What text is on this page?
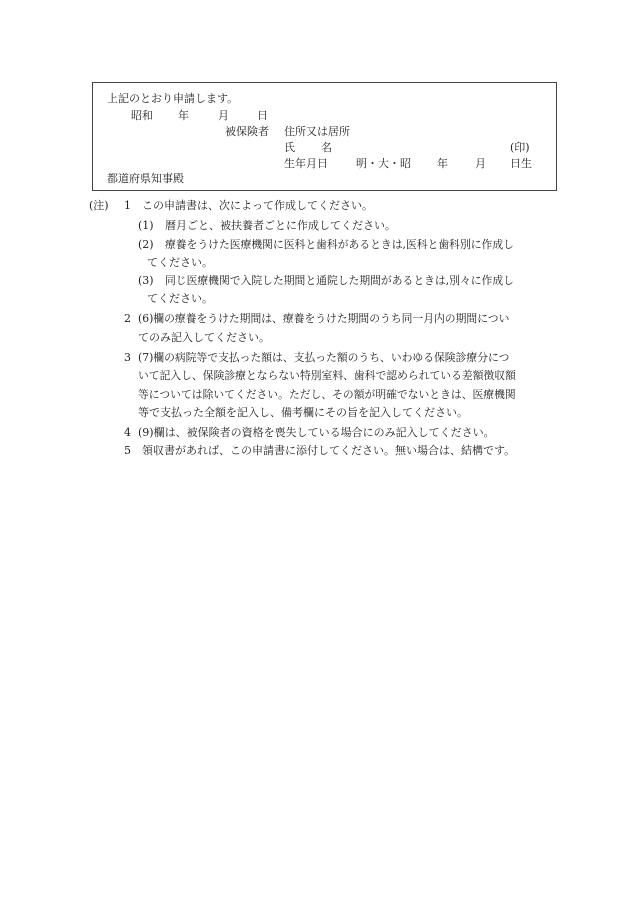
上記のとおり申請します。
昭和 年	月	日
被保険者 住所又は居所
氏 名	(印)
生年月日	明・大・昭 年 月 日生
都道府県知事殿
(注) 1 この申請書は、次によって作成してください。
(1) 暦月ごと、被扶養者ごとに作成してください。
(2) 療養をうけた医療機関に医科と歯科があるときは,医科と歯科別に作成し
てください。
(3) 同じ医療機関で入院した期間と通院した期間があるときは,別々に作成し
てください。
2 (6)欄の療養をうけた期間は、療養をうけた期間のうち同一月内の期間につい
てのみ記入してください。
3 (7)欄の病院等で支払った額は、支払った額のうち、いわゆる保険診療分につ
いて記入し、保険診療とならない特別室料、歯科で認められている差額徴収額
等については除いてください。ただし、その額が明確でないときは、医療機関
等で支払った全額を記入し、備考欄にその旨を記入してください。
4 (9)欄は、被保険者の資格を喪失している場合にのみ記入してください。
5 領収書があれば、この申請書に添付してください。無い場合は、結構です。
